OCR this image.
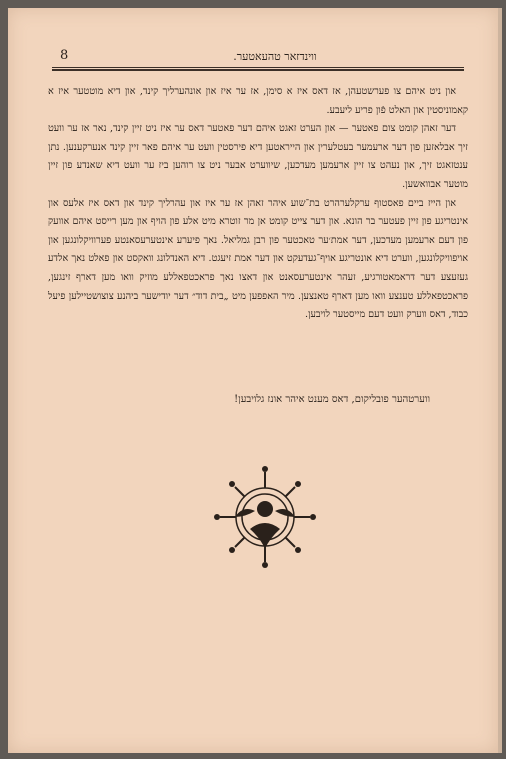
8	ווינדזאר טהעאטער.

און ניט איהם צו פערשטעהן, אז דאס איז א סימן, אז ער איז און אונהערליך קינד, און דיא מוטטער איז א קאמוניסטין און האלט פֿון פריע ליעבע.

דער זאהן קומט צום פאטער — און הערט זאגט איהם דער פאטער דאס ער איז ניט זיין קינד, נאר אז ער וועט זיך אבלאזען פון דער ארעמער בעטלערין און הייראטען דיא פירסטין וועט ער איהם פאר זיין קינד אנערקענען. נתן ענטזאגט זיך, און נעהט צו זיין ארעמען מעדכען, שיווערט אבער ניט צו רוהען ביז ער וועט דיא שאנדע פון זיין מוטער אבוואשען.

און הייז ביים פאסטוף ערקלערהרט בת־שוע איהר זאהן אז ער איז און עהרליך קינד און דאס איז אלעס און אינטריגע פון זיין פעטער בר הונא. און דער צייט קומט אן מר זוטרא מיט אלע פון הויף און מען רייסט איהם אוועק פון דעם ארעמען מעדכען, דער אמת׳ער טאכטער פון רבן גמליאל. נאך פיערע אינטערעסאנטע פערוויקלונגען און אויפוויקלונגען, ווערט דיא אונטריגע אויף־געדעקט און דער אמת זיעגט. דיא האנדלונג וואקסט און פאלט נאך אלדע געזעצע דער דראמאטורגיע, זעהר אינטערעסאנט און דאצו נאך פראכטפאללע מוזיק וואו מען דארף זינגען, פראכטפאללע טענצע וואו מען דארף טאנצען. מיר האפפען מיט „בית דוד״ דער יודישער ביהנע צוצושטיילען פיעל כבוד, דאס ווערק וועט דעם מייסטער לויבען.

ווערטהער פובליקום, דאס מענט איהר אונז גלויבען!
